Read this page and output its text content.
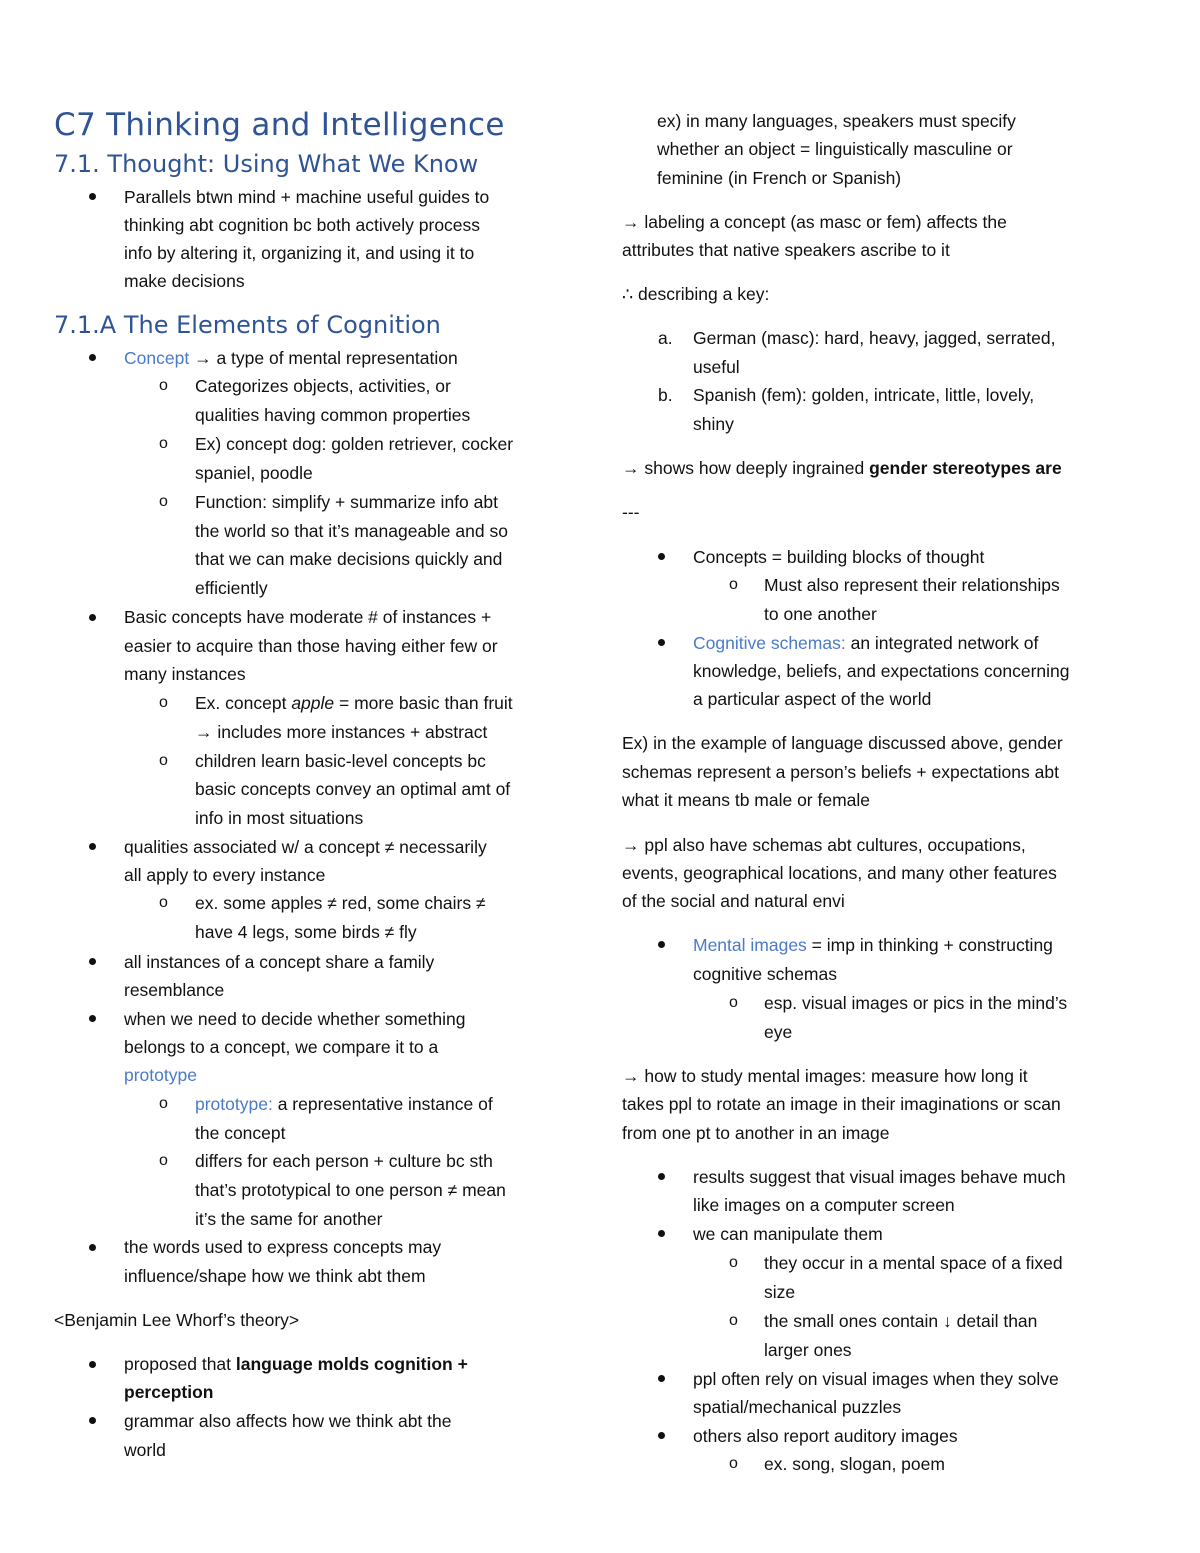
C7 Thinking and Intelligence
7.1. Thought: Using What We Know
Parallels btwn mind + machine useful guides to
thinking abt cognition bc both actively process
info by altering it, organizing it, and using it to
make decisions
7.1.A The Elements of Cognition
Concept → a type of mental representation
o Categorizes objects, activities, or
qualities having common properties
o Ex) concept dog: golden retriever, cocker
spaniel, poodle
o Function: simplify + summarize info abt
the world so that it’s manageable and so
that we can make decisions quickly and
efficiently
Basic concepts have moderate # of instances +
easier to acquire than those having either few or
many instances
o Ex. concept apple = more basic than fruit
→ includes more instances + abstract
o children learn basic-level concepts bc
basic concepts convey an optimal amt of
info in most situations
qualities associated w/ a concept ≠ necessarily
all apply to every instance
o ex. some apples ≠ red, some chairs ≠
have 4 legs, some birds ≠ fly
all instances of a concept share a family
resemblance
when we need to decide whether something
belongs to a concept, we compare it to a
prototype
o prototype: a representative instance of
the concept
o differs for each person + culture bc sth
that’s prototypical to one person ≠ mean
it’s the same for another
the words used to express concepts may
influence/shape how we think abt them
<Benjamin Lee Whorf’s theory>
proposed that language molds cognition +
perception
grammar also affects how we think abt the
world
ex) in many languages, speakers must specify
whether an object = linguistically masculine or
feminine (in French or Spanish)
→ labeling a concept (as masc or fem) affects the
attributes that native speakers ascribe to it
∴ describing a key:
a. German (masc): hard, heavy, jagged, serrated,
useful
b. Spanish (fem): golden, intricate, little, lovely,
shiny
→ shows how deeply ingrained gender stereotypes are
---
Concepts = building blocks of thought
o Must also represent their relationships
to one another
Cognitive schemas: an integrated network of
knowledge, beliefs, and expectations concerning
a particular aspect of the world
Ex) in the example of language discussed above, gender
schemas represent a person’s beliefs + expectations abt
what it means tb male or female
→ ppl also have schemas abt cultures, occupations,
events, geographical locations, and many other features
of the social and natural envi
Mental images = imp in thinking + constructing
cognitive schemas
o esp. visual images or pics in the mind’s
eye
→ how to study mental images: measure how long it
takes ppl to rotate an image in their imaginations or scan
from one pt to another in an image
results suggest that visual images behave much
like images on a computer screen
we can manipulate them
o they occur in a mental space of a fixed
size
o the small ones contain ↓ detail than
larger ones
ppl often rely on visual images when they solve
spatial/mechanical puzzles
others also report auditory images
o ex. song, slogan, poem
